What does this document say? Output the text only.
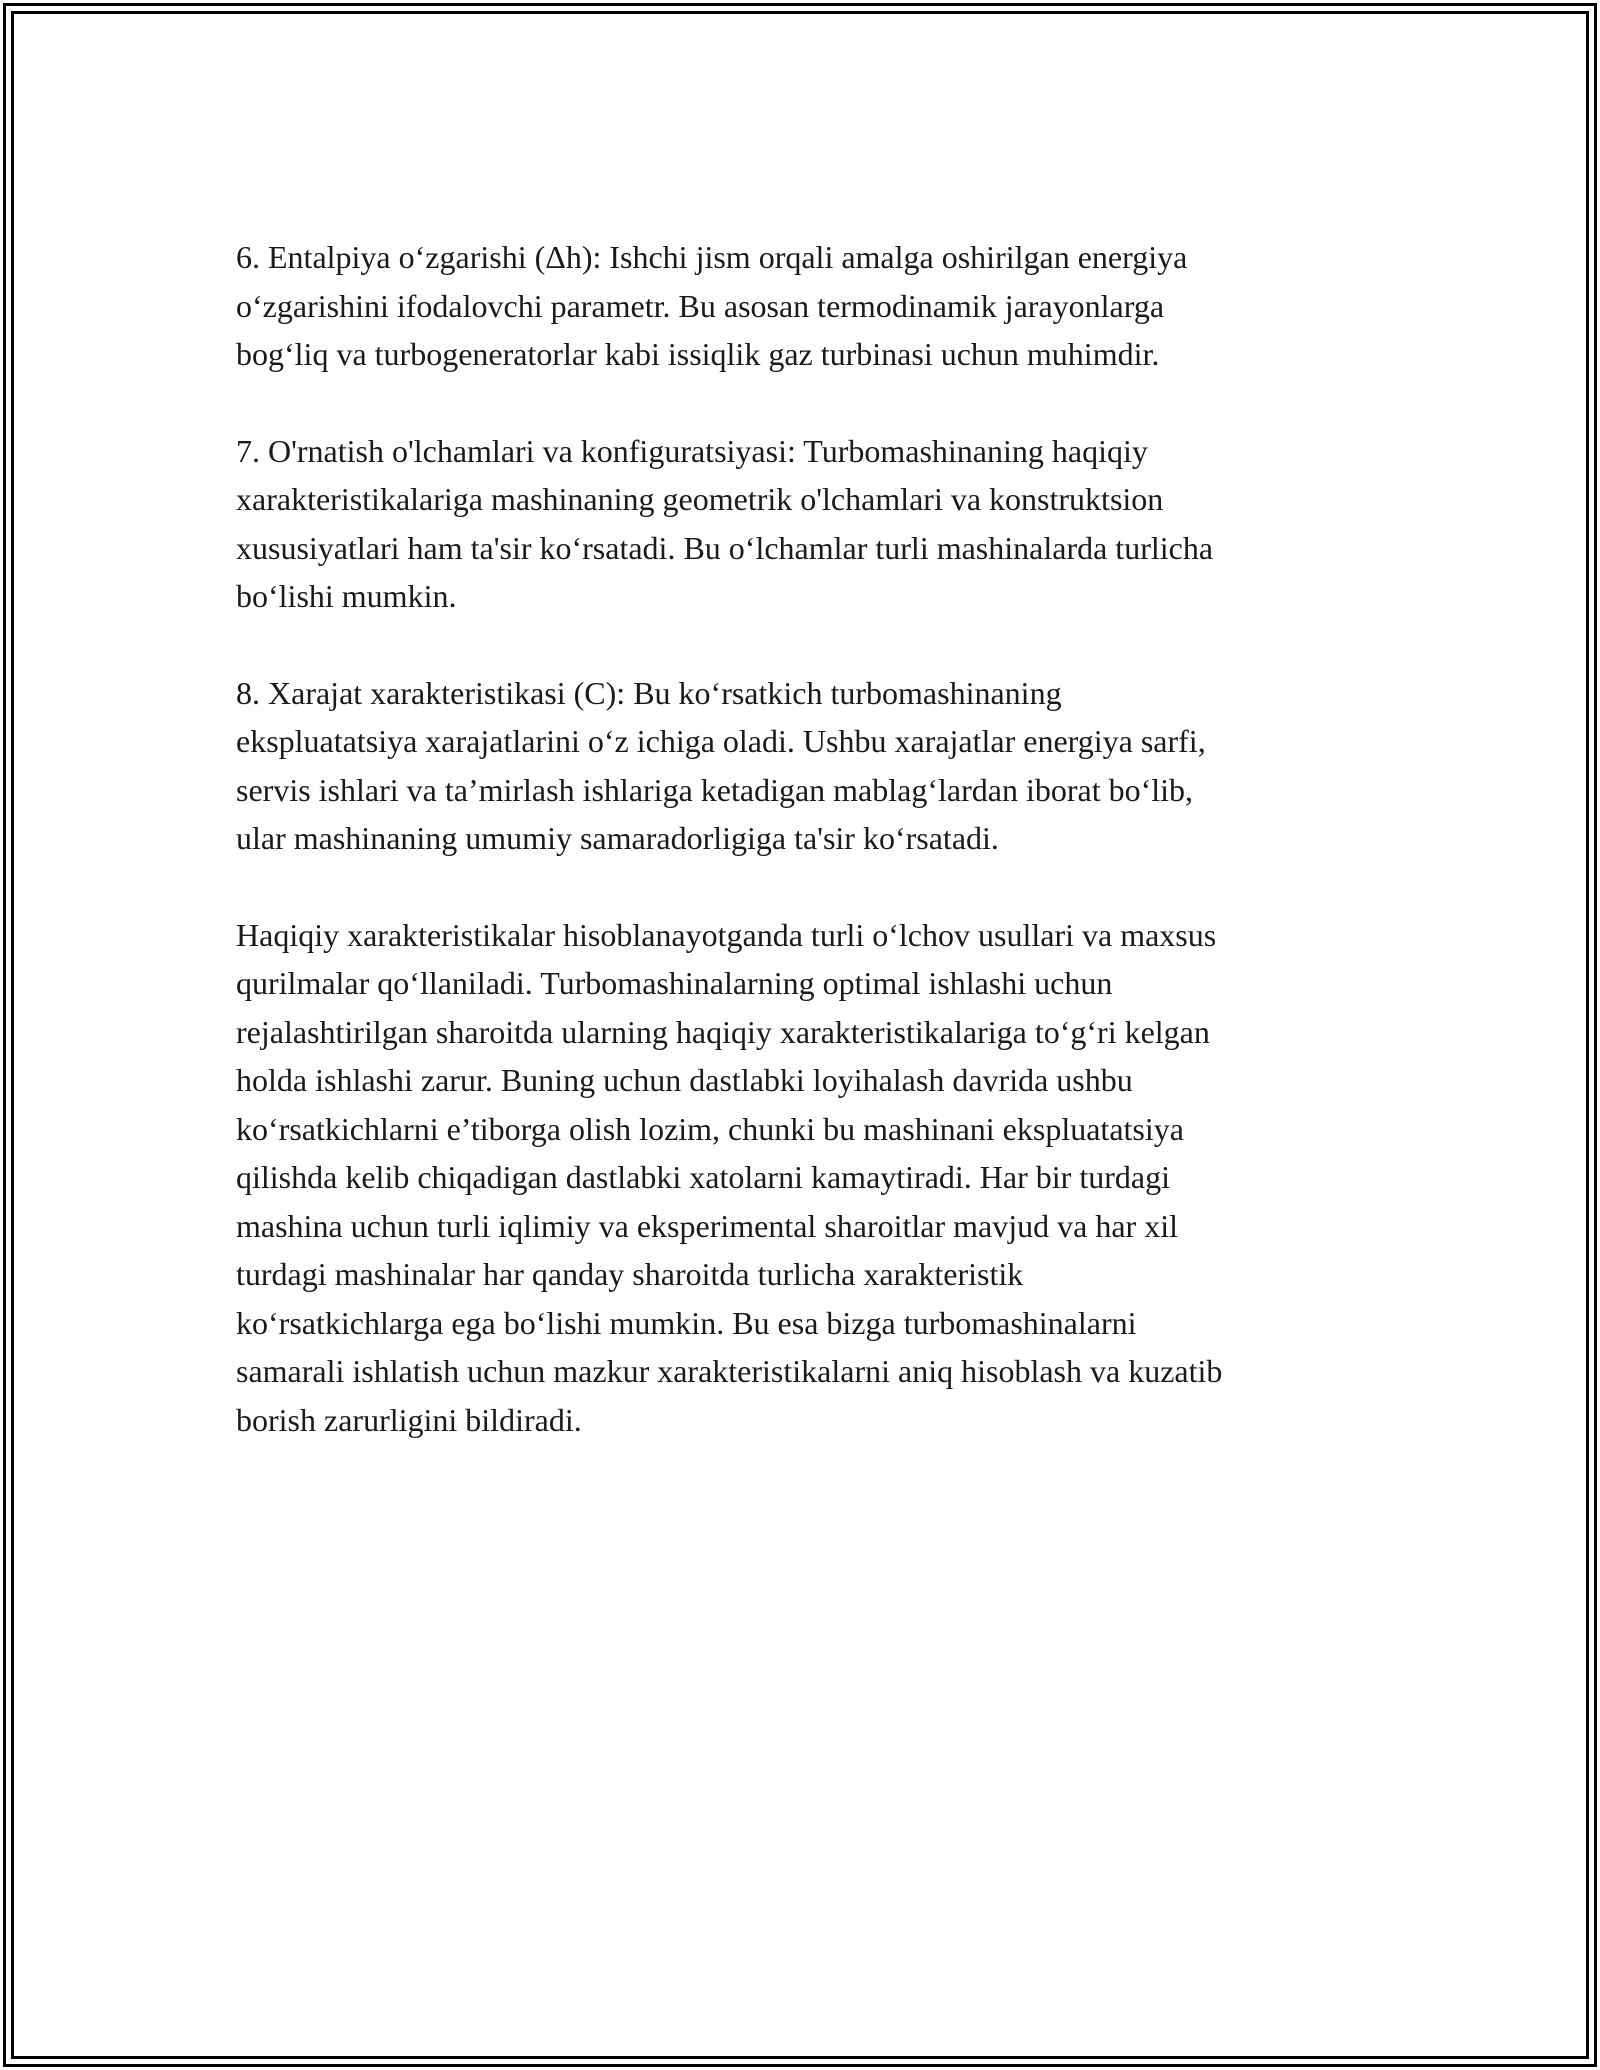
6. Entalpiya o‘zgarishi (Δh): Ishchi jism orqali amalga oshirilgan energiya
o‘zgarishini ifodalovchi parametr. Bu asosan termodinamik jarayonlarga
bog‘liq va turbogeneratorlar kabi issiqlik gaz turbinasi uchun muhimdir.

7. O'rnatish o'lchamlari va konfiguratsiyasi: Turbomashinaning haqiqiy
xarakteristikalariga mashinaning geometrik o'lchamlari va konstruktsion
xususiyatlari ham ta'sir ko‘rsatadi. Bu o‘lchamlar turli mashinalarda turlicha
bo‘lishi mumkin.

8. Xarajat xarakteristikasi (C): Bu ko‘rsatkich turbomashinaning
ekspluatatsiya xarajatlarini o‘z ichiga oladi. Ushbu xarajatlar energiya sarfi,
servis ishlari va ta’mirlash ishlariga ketadigan mablag‘lardan iborat bo‘lib,
ular mashinaning umumiy samaradorligiga ta'sir ko‘rsatadi.

Haqiqiy xarakteristikalar hisoblanayotganda turli o‘lchov usullari va maxsus
qurilmalar qo‘llaniladi. Turbomashinalarning optimal ishlashi uchun
rejalashtirilgan sharoitda ularning haqiqiy xarakteristikalariga to‘g‘ri kelgan
holda ishlashi zarur. Buning uchun dastlabki loyihalash davrida ushbu
ko‘rsatkichlarni e’tiborga olish lozim, chunki bu mashinani ekspluatatsiya
qilishda kelib chiqadigan dastlabki xatolarni kamaytiradi. Har bir turdagi
mashina uchun turli iqlimiy va eksperimental sharoitlar mavjud va har xil
turdagi mashinalar har qanday sharoitda turlicha xarakteristik
ko‘rsatkichlarga ega bo‘lishi mumkin. Bu esa bizga turbomashinalarni
samarali ishlatish uchun mazkur xarakteristikalarni aniq hisoblash va kuzatib
borish zarurligini bildiradi.
